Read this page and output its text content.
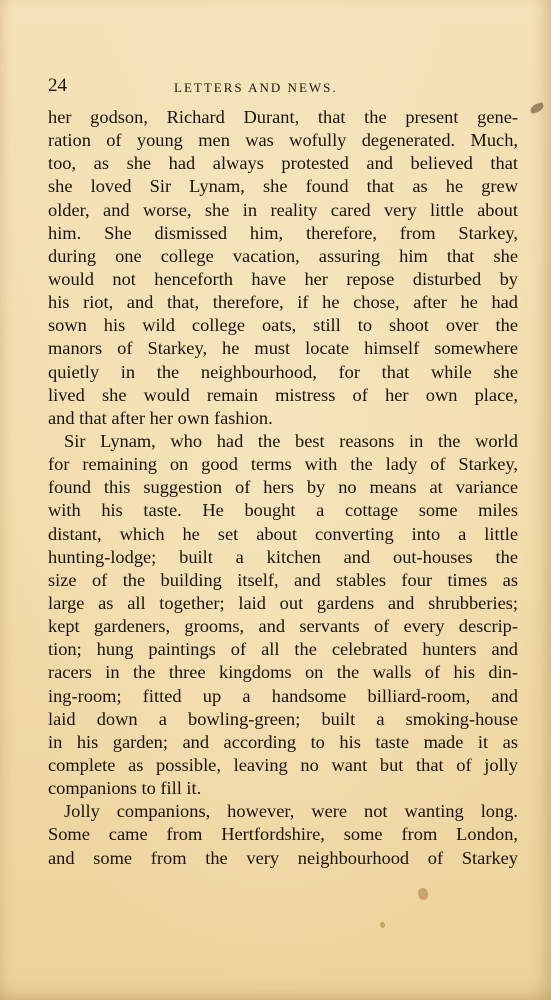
24	LETTERS AND NEWS.
her godson, Richard Durant, that the present gene-
ration of young men was wofully degenerated. Much,
too, as she had always protested and believed that
she loved Sir Lynam, she found that as he grew
older, and worse, she in reality cared very little about
him. She dismissed him, therefore, from Starkey,
during one college vacation, assuring him that she
would not henceforth have her repose disturbed by
his riot, and that, therefore, if he chose, after he had
sown his wild college oats, still to shoot over the
manors of Starkey, he must locate himself somewhere
quietly in the neighbourhood, for that while she
lived she would remain mistress of her own place,
and that after her own fashion.
Sir Lynam, who had the best reasons in the world
for remaining on good terms with the lady of Starkey,
found this suggestion of hers by no means at variance
with his taste. He bought a cottage some miles
distant, which he set about converting into a little
hunting-lodge; built a kitchen and out-houses the
size of the building itself, and stables four times as
large as all together; laid out gardens and shrubberies;
kept gardeners, grooms, and servants of every descrip-
tion; hung paintings of all the celebrated hunters and
racers in the three kingdoms on the walls of his din-
ing-room; fitted up a handsome billiard-room, and
laid down a bowling-green; built a smoking-house
in his garden; and according to his taste made it as
complete as possible, leaving no want but that of jolly
companions to fill it.
Jolly companions, however, were not wanting long.
Some came from Hertfordshire, some from London,
and some from the very neighbourhood of Starkey
